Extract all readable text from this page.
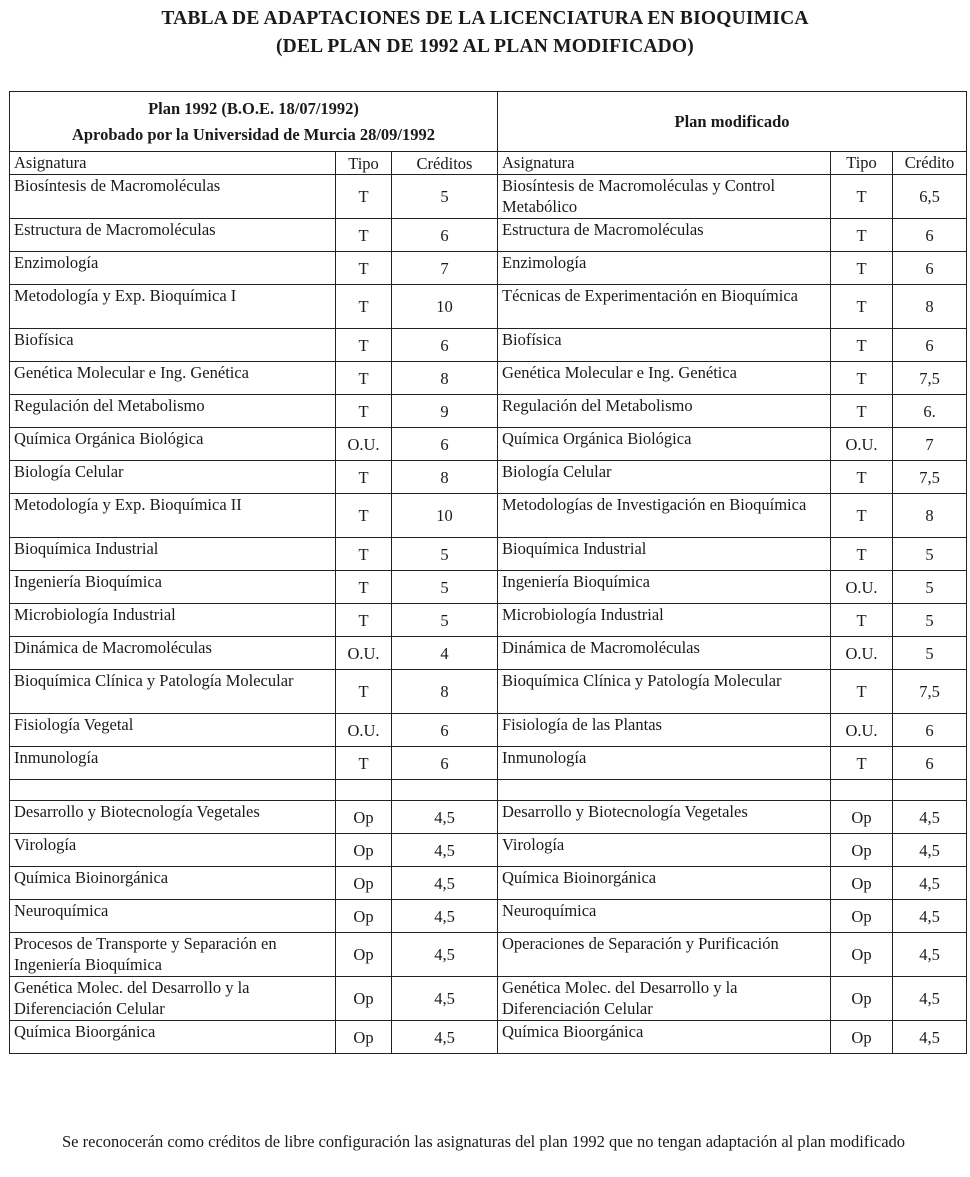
TABLA DE ADAPTACIONES DE LA LICENCIATURA EN BIOQUIMICA
(DEL PLAN DE 1992 AL PLAN MODIFICADO)
Plan 1992 (B.O.E. 18/07/1992)
Aprobado por la Universidad de Murcia 28/09/1992			Plan modificado		
Asignatura	Tipo	Créditos	Asignatura	Tipo	Crédito
Biosíntesis de Macromoléculas	T	5	Biosíntesis de Macromoléculas y Control Metabólico	T	6,5
Estructura de Macromoléculas	T	6	Estructura de Macromoléculas	T	6
Enzimología	T	7	Enzimología	T	6
Metodología y Exp. Bioquímica I	T	10	Técnicas de Experimentación en Bioquímica	T	8
Biofísica	T	6	Biofísica	T	6
Genética Molecular e Ing. Genética	T	8	Genética Molecular e Ing. Genética	T	7,5
Regulación del Metabolismo	T	9	Regulación del Metabolismo	T	6.
Química Orgánica Biológica	O.U.	6	Química Orgánica Biológica	O.U.	7
Biología Celular	T	8	Biología Celular	T	7,5
Metodología y Exp. Bioquímica II	T	10	Metodologías de Investigación en Bioquímica	T	8
Bioquímica Industrial	T	5	Bioquímica Industrial	T	5
Ingeniería Bioquímica	T	5	Ingeniería Bioquímica	O.U.	5
Microbiología Industrial	T	5	Microbiología Industrial	T	5
Dinámica de Macromoléculas	O.U.	4	Dinámica de Macromoléculas	O.U.	5
Bioquímica Clínica y Patología Molecular	T	8	Bioquímica Clínica y Patología Molecular	T	7,5
Fisiología Vegetal	O.U.	6	Fisiología de las Plantas	O.U.	6
Inmunología	T	6	Inmunología	T	6

Desarrollo y Biotecnología Vegetales	Op	4,5	Desarrollo y Biotecnología Vegetales	Op	4,5
Virología	Op	4,5	Virología	Op	4,5
Química Bioinorgánica	Op	4,5	Química Bioinorgánica	Op	4,5
Neuroquímica	Op	4,5	Neuroquímica	Op	4,5
Procesos de Transporte y Separación en Ingeniería Bioquímica	Op	4,5	Operaciones de Separación y Purificación	Op	4,5
Genética Molec. del Desarrollo y la Diferenciación Celular	Op	4,5	Genética Molec. del Desarrollo y la Diferenciación Celular	Op	4,5
Química Bioorgánica	Op	4,5	Química Bioorgánica	Op	4,5
Se reconocerán como créditos de libre configuración las asignaturas del plan 1992 que no tengan adaptación al plan modificado
